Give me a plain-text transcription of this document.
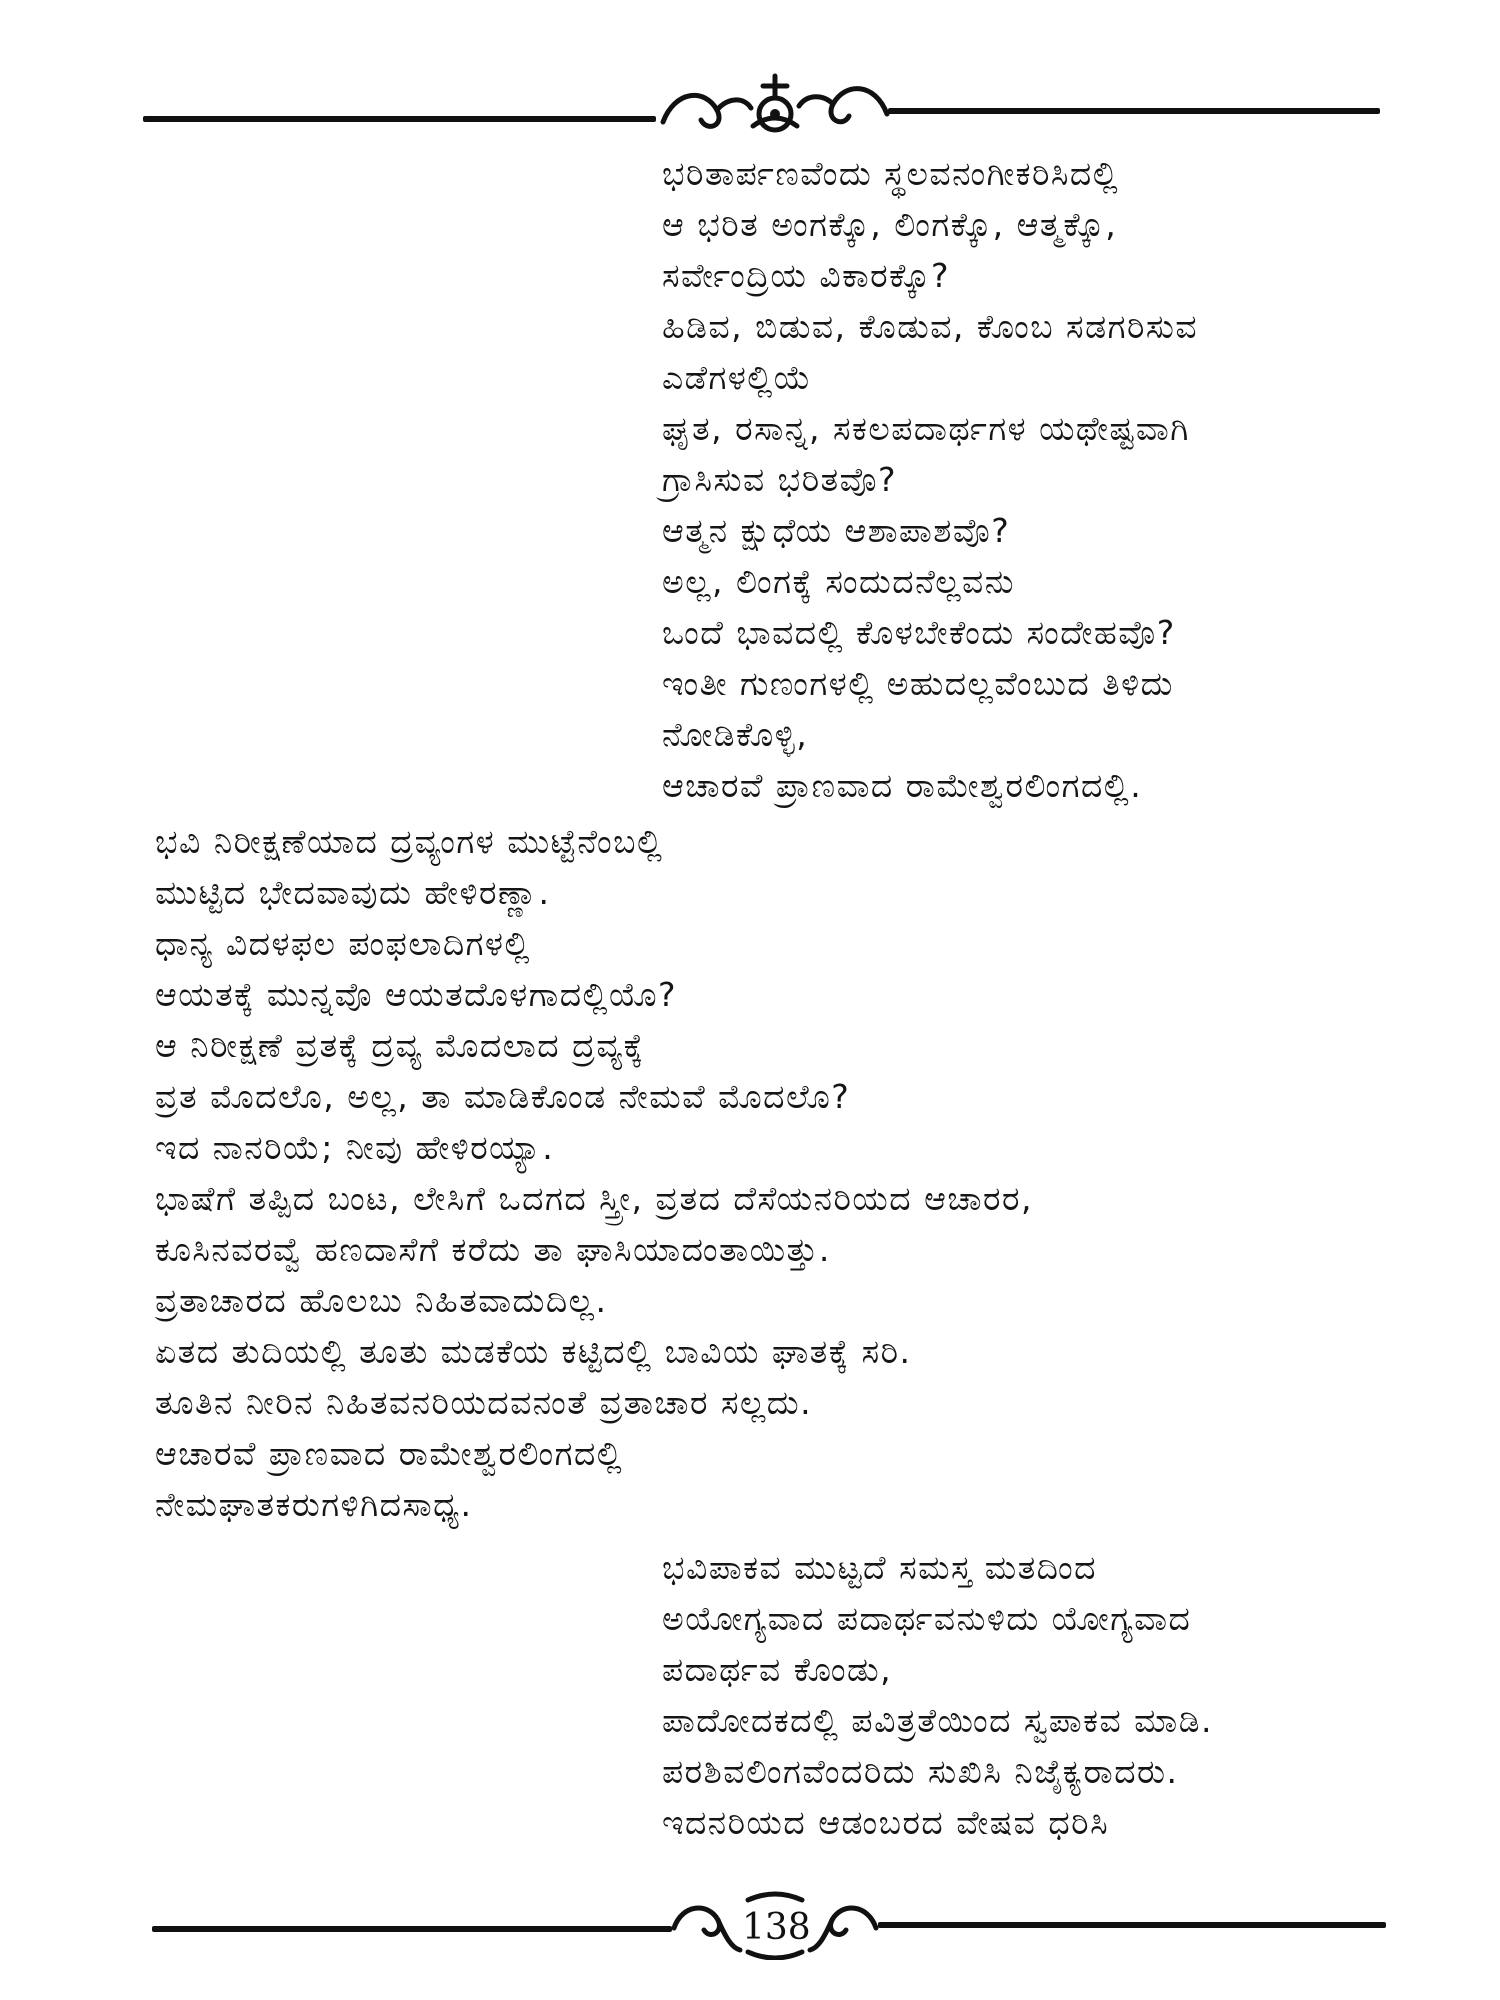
ಭರಿತಾರ್ಪಣವೆಂದು ಸ್ಥಲವನಂಗೀಕರಿಸಿದಲ್ಲಿ
ಆ ಭರಿತ ಅಂಗಕ್ಕೊ, ಲಿಂಗಕ್ಕೊ, ಆತ್ಮಕ್ಕೊ,
ಸರ್ವೇಂದ್ರಿಯ ವಿಕಾರಕ್ಕೊ?
ಹಿಡಿವ, ಬಿಡುವ, ಕೊಡುವ, ಕೊಂಬ ಸಡಗರಿಸುವ
ಎಡೆಗಳಲ್ಲಿಯೆ
ಘೃತ, ರಸಾನ್ನ, ಸಕಲಪದಾರ್ಥಗಳ ಯಥೇಷ್ಟವಾಗಿ
ಗ್ರಾಸಿಸುವ ಭರಿತವೊ?
ಆತ್ಮನ ಕ್ಷುಧೆಯ ಆಶಾಪಾಶವೊ?
ಅಲ್ಲ, ಲಿಂಗಕ್ಕೆ ಸಂದುದನೆಲ್ಲವನು
ಒಂದೆ ಭಾವದಲ್ಲಿ ಕೊಳಬೇಕೆಂದು ಸಂದೇಹವೊ?
ಇಂತೀ ಗುಣಂಗಳಲ್ಲಿ ಅಹುದಲ್ಲವೆಂಬುದ ತಿಳಿದು
ನೋಡಿಕೊಳ್ಳಿ,
ಆಚಾರವೆ ಪ್ರಾಣವಾದ ರಾಮೇಶ್ವರಲಿಂಗದಲ್ಲಿ.
ಭವಿ ನಿರೀಕ್ಷಣೆಯಾದ ದ್ರವ್ಯಂಗಳ ಮುಟ್ಟೆನೆಂಬಲ್ಲಿ
ಮುಟ್ಟಿದ ಭೇದವಾವುದು ಹೇಳಿರಣ್ಣಾ.
ಧಾನ್ಯ ವಿದಳಫಲ ಪಂಫಲಾದಿಗಳಲ್ಲಿ
ಆಯತಕ್ಕೆ ಮುನ್ನವೊ ಆಯತದೊಳಗಾದಲ್ಲಿಯೊ?
ಆ ನಿರೀಕ್ಷಣೆ ವ್ರತಕ್ಕೆ ದ್ರವ್ಯ ಮೊದಲಾದ ದ್ರವ್ಯಕ್ಕೆ
ವ್ರತ ಮೊದಲೊ, ಅಲ್ಲ, ತಾ ಮಾಡಿಕೊಂಡ ನೇಮವೆ ಮೊದಲೊ?
ಇದ ನಾನರಿಯೆ; ನೀವು ಹೇಳಿರಯ್ಯಾ.
ಭಾಷೆಗೆ ತಪ್ಪಿದ ಬಂಟ, ಲೇಸಿಗೆ ಒದಗದ ಸ್ತ್ರೀ, ವ್ರತದ ದೆಸೆಯನರಿಯದ ಆಚಾರರ,
ಕೂಸಿನವರವ್ವೆ ಹಣದಾಸೆಗೆ ಕರೆದು ತಾ ಘಾಸಿಯಾದಂತಾಯಿತ್ತು.
ವ್ರತಾಚಾರದ ಹೊಲಬು ನಿಹಿತವಾದುದಿಲ್ಲ.
ಏತದ ತುದಿಯಲ್ಲಿ ತೂತು ಮಡಕೆಯ ಕಟ್ಟಿದಲ್ಲಿ ಬಾವಿಯ ಘಾತಕ್ಕೆ ಸರಿ.
ತೂತಿನ ನೀರಿನ ನಿಹಿತವನರಿಯದವನಂತೆ ವ್ರತಾಚಾರ ಸಲ್ಲದು.
ಆಚಾರವೆ ಪ್ರಾಣವಾದ ರಾಮೇಶ್ವರಲಿಂಗದಲ್ಲಿ
ನೇಮಘಾತಕರುಗಳಿಗಿದಸಾಧ್ಯ.
ಭವಿಪಾಕವ ಮುಟ್ಟದೆ ಸಮಸ್ತ ಮತದಿಂದ
ಅಯೋಗ್ಯವಾದ ಪದಾರ್ಥವನುಳಿದು ಯೋಗ್ಯವಾದ
ಪದಾರ್ಥವ ಕೊಂಡು,
ಪಾದೋದಕದಲ್ಲಿ ಪವಿತ್ರತೆಯಿಂದ ಸ್ವಪಾಕವ ಮಾಡಿ.
ಪರಶಿವಲಿಂಗವೆಂದರಿದು ಸುಖಿಸಿ ನಿಜೈಕ್ಯರಾದರು.
ಇದನರಿಯದ ಆಡಂಬರದ ವೇಷವ ಧರಿಸಿ
138
